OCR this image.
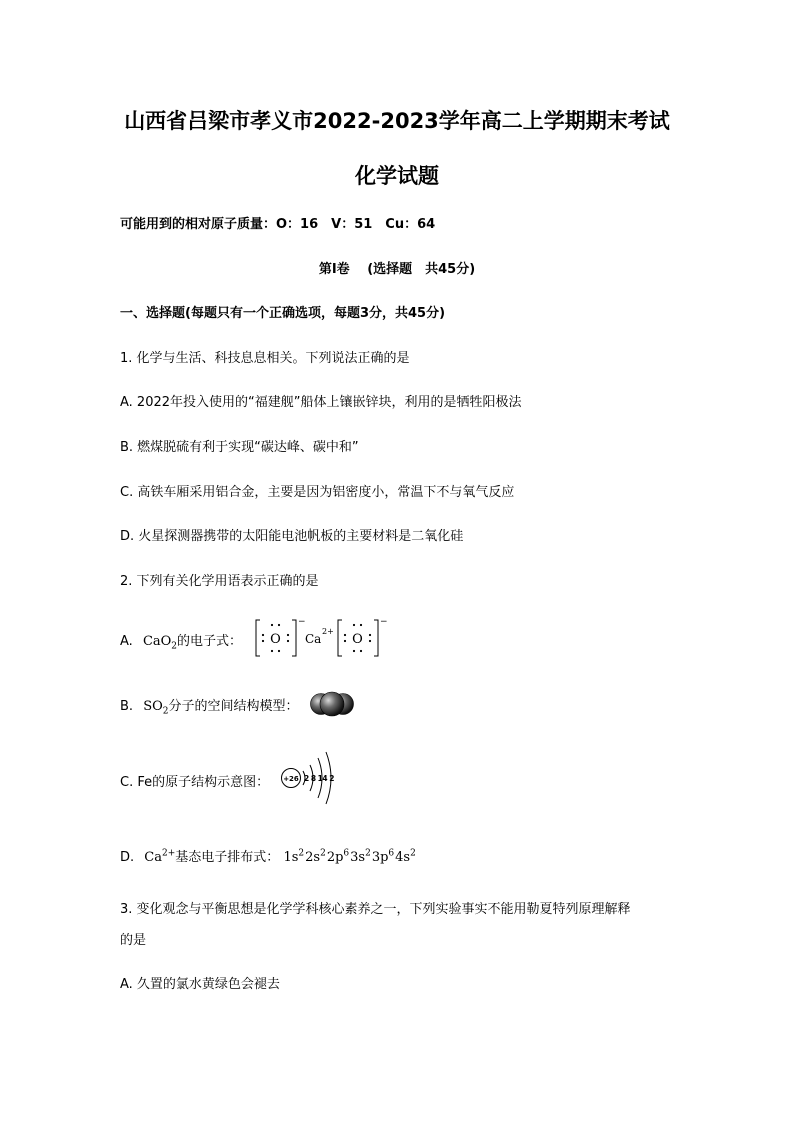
山西省吕梁市孝义市2022-2023学年高二上学期期末考试
化学试题
可能用到的相对原子质量：O：16　V：51　Cu：64
第Ⅰ卷　 (选择题　共45分)
一、选择题(每题只有一个正确选项，每题3分，共45分)
1. 化学与生活、科技息息相关。下列说法正确的是
A. 2022年投入使用的“福建舰”船体上镶嵌锌块，利用的是牺牲阳极法
B. 燃煤脱硫有利于实现“碳达峰、碳中和”
C. 高铁车厢采用铝合金，主要是因为铝密度小，常温下不与氧气反应
D. 火星探测器携带的太阳能电池帆板的主要材料是二氧化硅
2. 下列有关化学用语表示正确的是
A. CaO$_2$的电子式： O
−
Ca
2+
O
−
B. $SO_2$分子的空间结构模型：
C. Fe的原子结构示意图： +26 2 8 14 2
D. $Ca^{2+}$基态电子排布式： $1s^22s^22p^63s^23p^64s^2$
3. 变化观念与平衡思想是化学学科核心素养之一，下列实验事实不能用勒夏特列原理解释
的是
A. 久置的氯水黄绿色会褪去
